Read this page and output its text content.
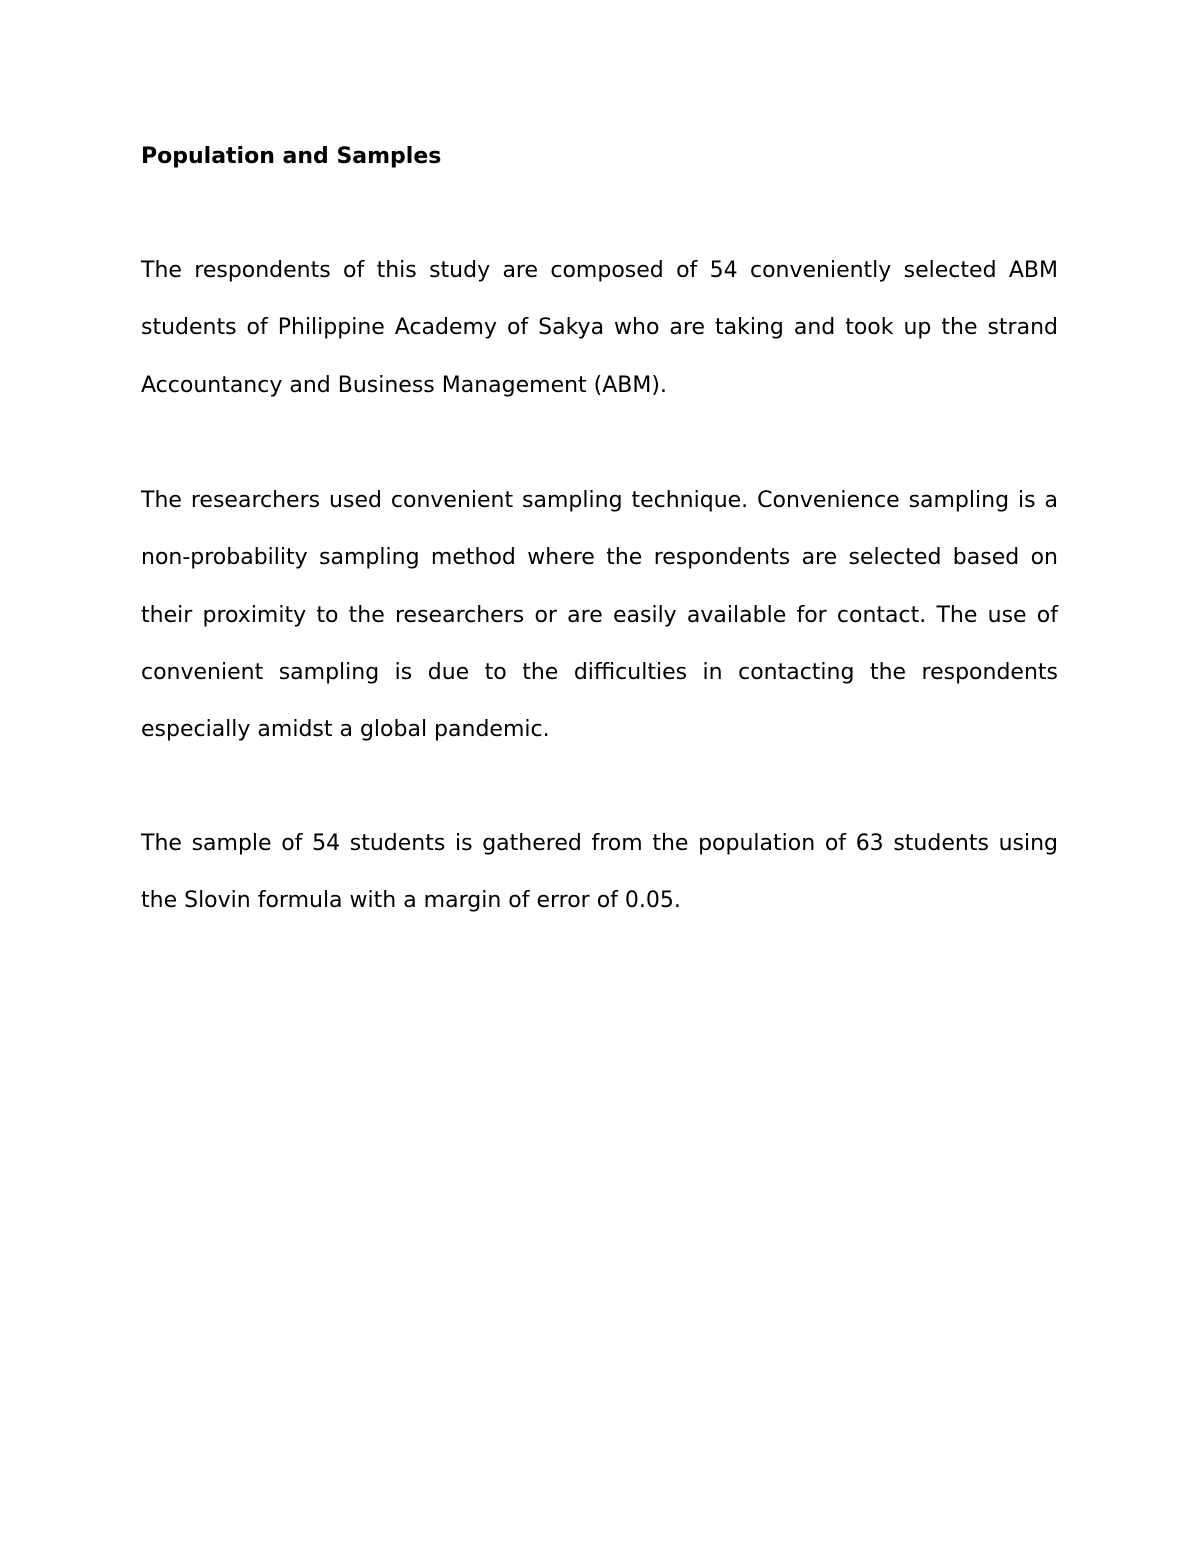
Population and Samples

The respondents of this study are composed of 54 conveniently selected ABM students of Philippine Academy of Sakya who are taking and took up the strand Accountancy and Business Management (ABM).

The researchers used convenient sampling technique. Convenience sampling is a non-probability sampling method where the respondents are selected based on their proximity to the researchers or are easily available for contact. The use of convenient sampling is due to the difficulties in contacting the respondents especially amidst a global pandemic.

The sample of 54 students is gathered from the population of 63 students using the Slovin formula with a margin of error of 0.05.
